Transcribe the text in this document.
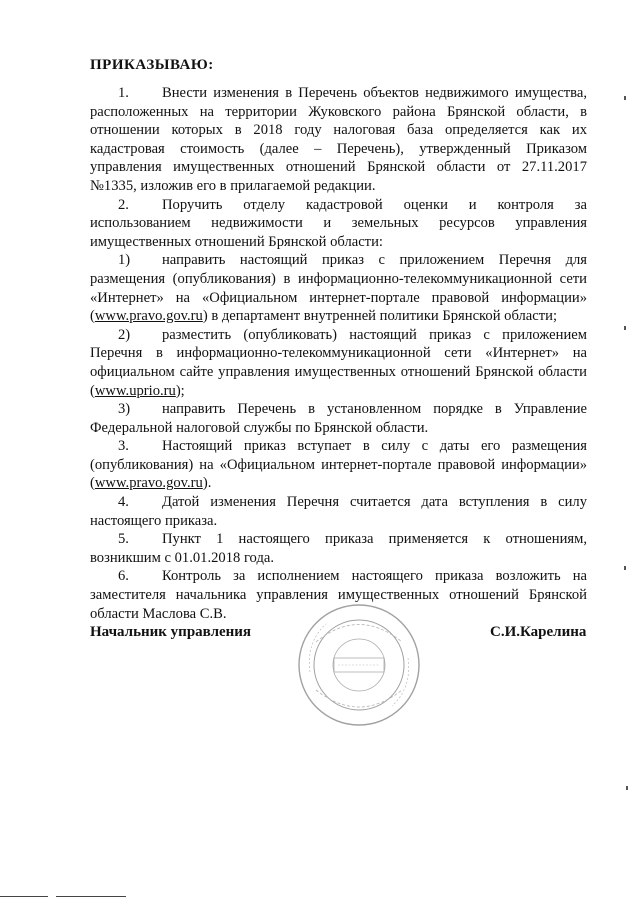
ПРИКАЗЫВАЮ:

1. Внести изменения в Перечень объектов недвижимого имущества, расположенных на территории Жуковского района Брянской области, в отношении которых в 2018 году налоговая база определяется как их кадастровая стоимость (далее – Перечень), утвержденный Приказом управления имущественных отношений Брянской области от 27.11.2017 №1335, изложив его в прилагаемой редакции.

2. Поручить отделу кадастровой оценки и контроля за использованием недвижимости и земельных ресурсов управления имущественных отношений Брянской области:

1) направить настоящий приказ с приложением Перечня для размещения (опубликования) в информационно-телекоммуникационной сети «Интернет» на «Официальном интернет-портале правовой информации» (www.pravo.gov.ru) в департамент внутренней политики Брянской области;

2) разместить (опубликовать) настоящий приказ с приложением Перечня в информационно-телекоммуникационной сети «Интернет» на официальном сайте управления имущественных отношений Брянской области (www.uprio.ru);

3) направить Перечень в установленном порядке в Управление Федеральной налоговой службы по Брянской области.

3. Настоящий приказ вступает в силу с даты его размещения (опубликования) на «Официальном интернет-портале правовой информации» (www.pravo.gov.ru).

4. Датой изменения Перечня считается дата вступления в силу настоящего приказа.

5. Пункт 1 настоящего приказа применяется к отношениям, возникшим с 01.01.2018 года.

6. Контроль за исполнением настоящего приказа возложить на заместителя начальника управления имущественных отношений Брянской области Маслова С.В.

Начальник управления	С.И.Карелина
